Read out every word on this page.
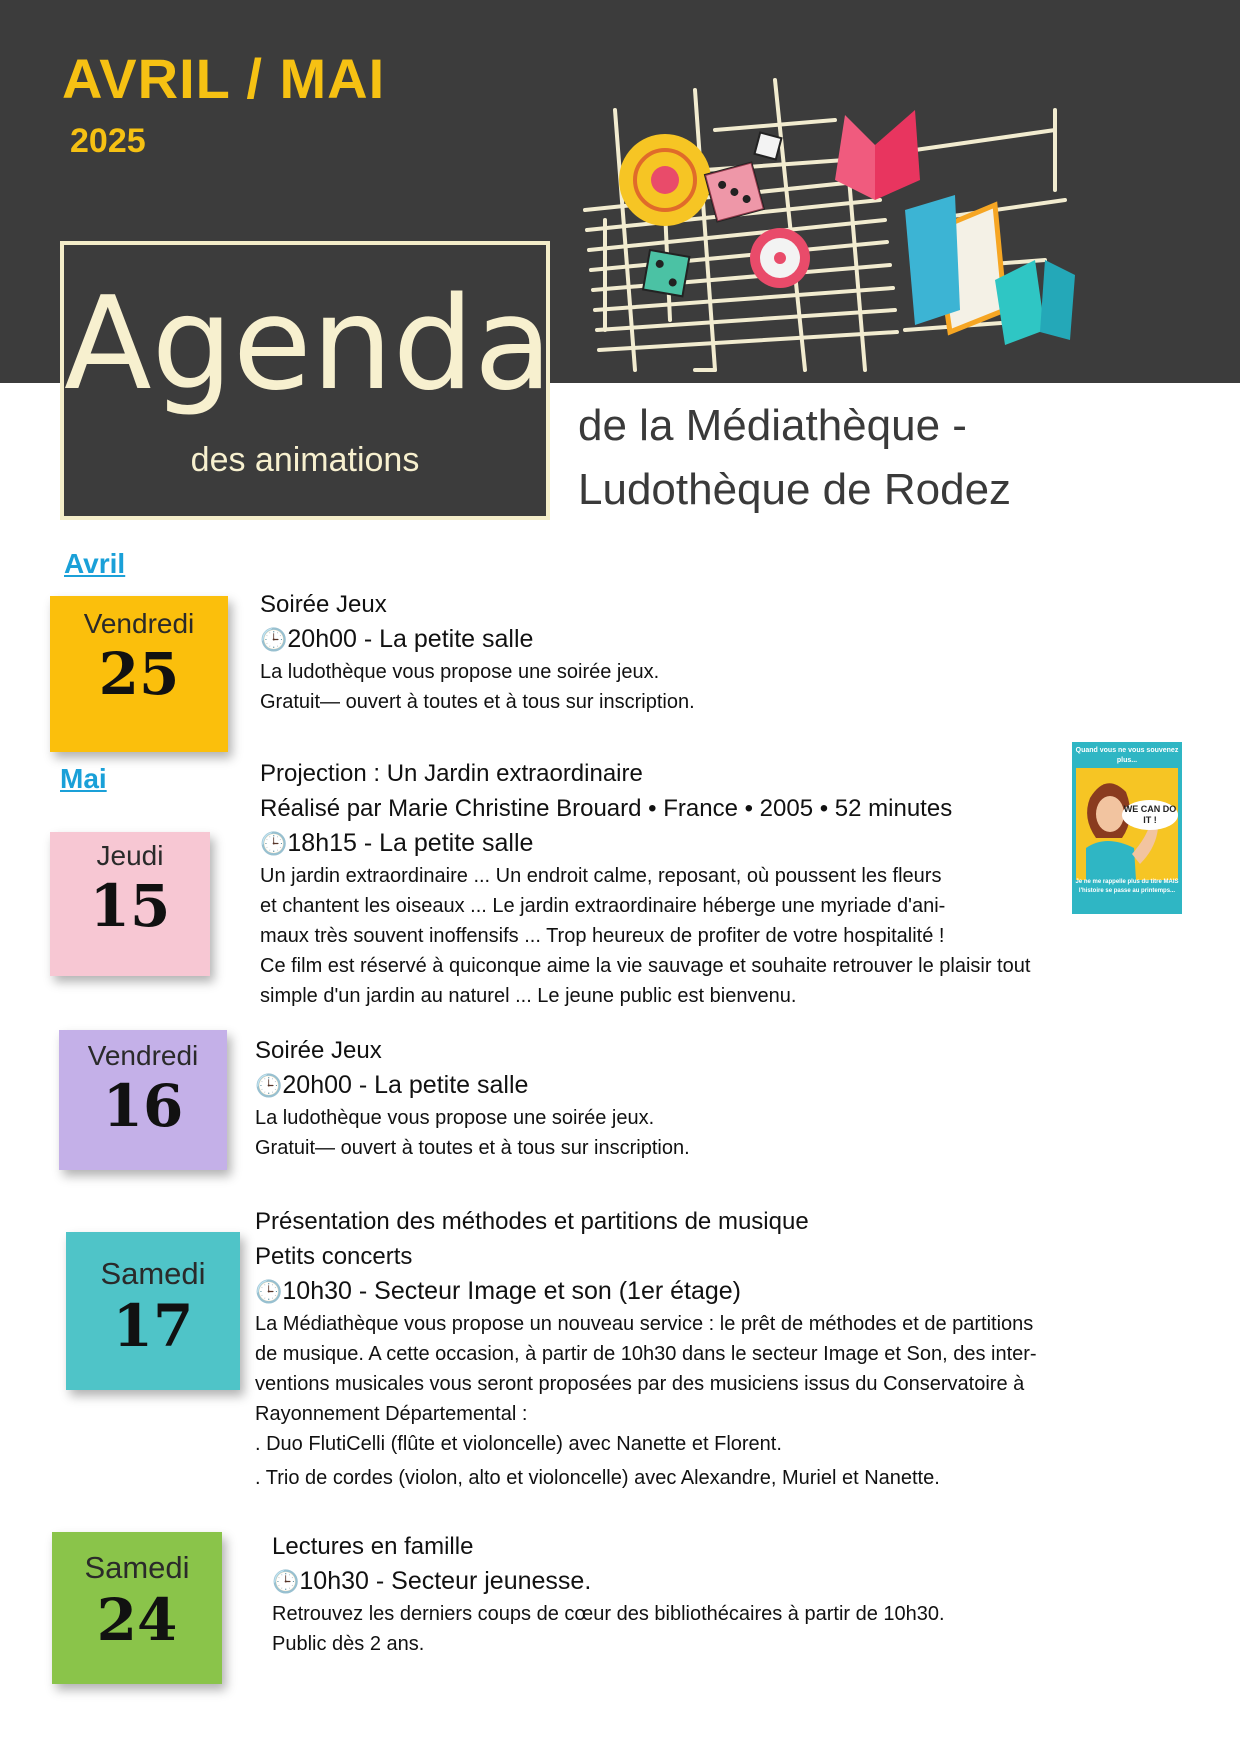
AVRIL / MAI
2025
Agenda
des animations
de la Médiathèque -
Ludothèque de Rodez
Avril
Mai
Vendredi
25
Soirée Jeux
🕒20h00 - La petite salle
La ludothèque vous propose une soirée jeux.
Gratuit— ouvert à toutes et à tous sur inscription.
Jeudi
15
Projection : Un Jardin extraordinaire
Réalisé par Marie Christine Brouard • France • 2005 • 52 minutes
🕒18h15 - La petite salle
Un jardin extraordinaire ... Un endroit calme, reposant, où poussent les fleurs
et chantent les oiseaux ... Le jardin extraordinaire héberge une myriade d'ani-
maux très souvent inoffensifs ... Trop heureux de profiter de votre hospitalité !
Ce film est réservé à quiconque aime la vie sauvage et souhaite retrouver le plaisir tout
simple d'un jardin au naturel ... Le jeune public est bienvenu.
Quand vous ne vous souvenez plus...
WE CAN DO IT !
Je ne me rappelle plus du titre MAIS l'histoire se passe au printemps...
Vendredi
16
Soirée Jeux
🕒20h00 - La petite salle
La ludothèque vous propose une soirée jeux.
Gratuit— ouvert à toutes et à tous sur inscription.
Samedi
17
Présentation des méthodes et partitions de musique
Petits concerts
🕒10h30 - Secteur Image et son (1er étage)
La Médiathèque vous propose un nouveau service : le prêt de méthodes et de partitions
de musique. A cette occasion, à partir de 10h30 dans le secteur Image et Son, des inter-
ventions musicales vous seront proposées par des musiciens issus du Conservatoire à
Rayonnement Départemental :
. Duo FlutiCelli (flûte et violoncelle) avec Nanette et Florent.
. Trio de cordes (violon, alto et violoncelle) avec Alexandre, Muriel et Nanette.
Samedi
24
Lectures en famille
🕒10h30 - Secteur jeunesse.
Retrouvez les derniers coups de cœur des bibliothécaires à partir de 10h30.
Public dès 2 ans.
